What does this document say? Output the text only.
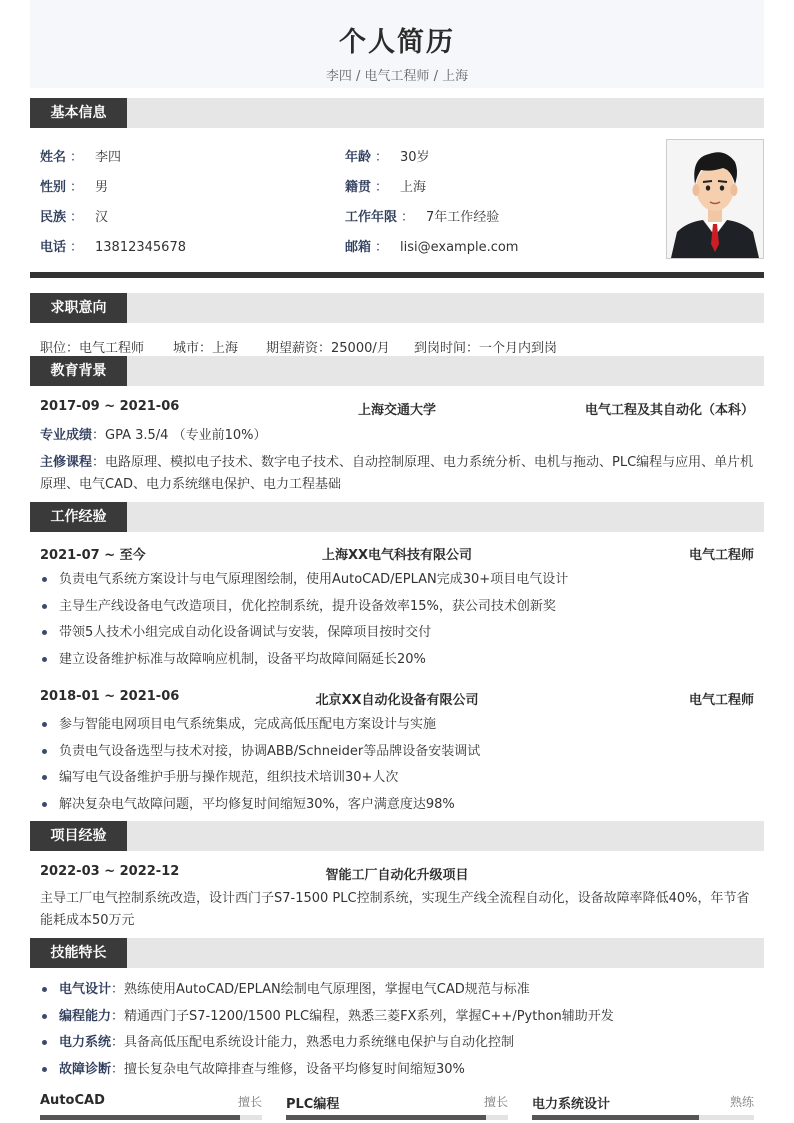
个人简历
李四 / 电气工程师 / 上海
基本信息
姓名 ： 李四
性别 ： 男
民族 ： 汉
电话 ： 13812345678
年龄 ： 30岁
籍贯 ： 上海
工作年限 ： 7年工作经验
邮箱 ： lisi@example.com
求职意向
职位：电气工程师 城市：上海 期望薪资：25000/月 到岗时间：一个月内到岗
教育背景
2017-09 ~ 2021-06	上海交通大学	电气工程及其自动化（本科）
专业成绩：GPA 3.5/4 （专业前10%）
主修课程：电路原理、模拟电子技术、数字电子技术、自动控制原理、电力系统分析、电机与拖动、PLC编程与应用、单片机原理、电气CAD、电力系统继电保护、电力工程基础
工作经验
2021-07 ~ 至今	上海XX电气科技有限公司	电气工程师
负责电气系统方案设计与电气原理图绘制，使用AutoCAD/EPLAN完成30+项目电气设计
主导生产线设备电气改造项目，优化控制系统，提升设备效率15%，获公司技术创新奖
带领5人技术小组完成自动化设备调试与安装，保障项目按时交付
建立设备维护标准与故障响应机制，设备平均故障间隔延长20%
2018-01 ~ 2021-06	北京XX自动化设备有限公司	电气工程师
参与智能电网项目电气系统集成，完成高低压配电方案设计与实施
负责电气设备选型与技术对接，协调ABB/Schneider等品牌设备安装调试
编写电气设备维护手册与操作规范，组织技术培训30+人次
解决复杂电气故障问题，平均修复时间缩短30%，客户满意度达98%
项目经验
2022-03 ~ 2022-12	智能工厂自动化升级项目
主导工厂电气控制系统改造，设计西门子S7-1500 PLC控制系统，实现生产线全流程自动化，设备故障率降低40%，年节省能耗成本50万元
技能特长
电气设计：熟练使用AutoCAD/EPLAN绘制电气原理图，掌握电气CAD规范与标准
编程能力：精通西门子S7-1200/1500 PLC编程，熟悉三菱FX系列，掌握C++/Python辅助开发
电力系统：具备高低压配电系统设计能力，熟悉电力系统继电保护与自动化控制
故障诊断：擅长复杂电气故障排查与维修，设备平均修复时间缩短30%
AutoCAD	擅长 PLC编程	擅长 电力系统设计	熟练
